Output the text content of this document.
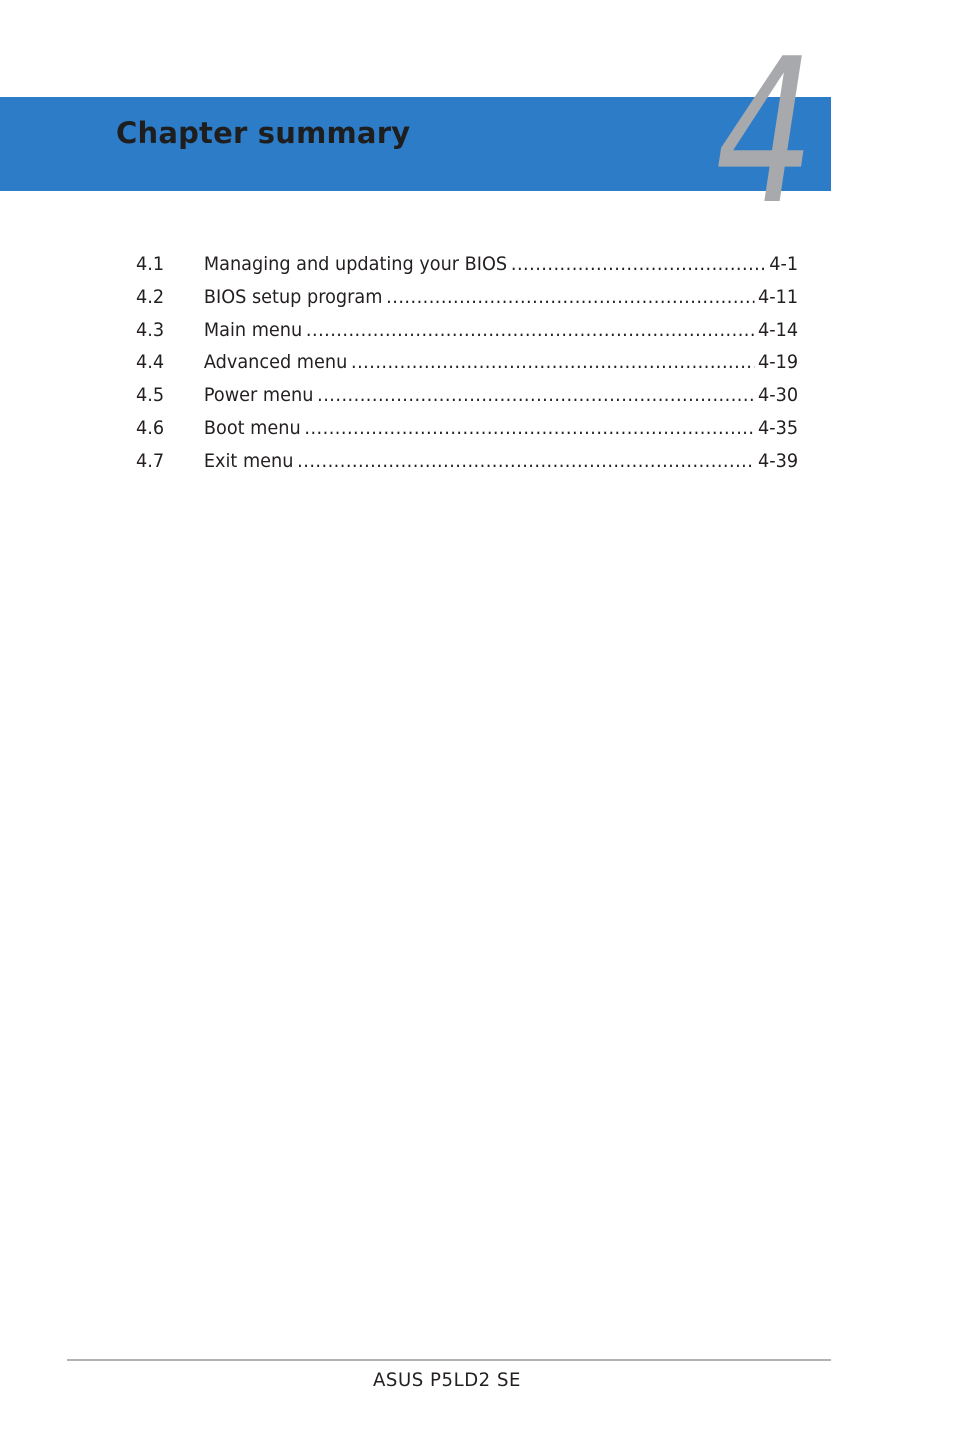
Chapter summary 4
4.1	Managing and updating your BIOS .....	4-1
4.2	BIOS setup program .....	4-11
4.3	Main menu .....	4-14
4.4	Advanced menu .....	4-19
4.5	Power menu .....	4-30
4.6	Boot menu .....	4-35
4.7	Exit menu .....	4-39
ASUS P5LD2 SE
